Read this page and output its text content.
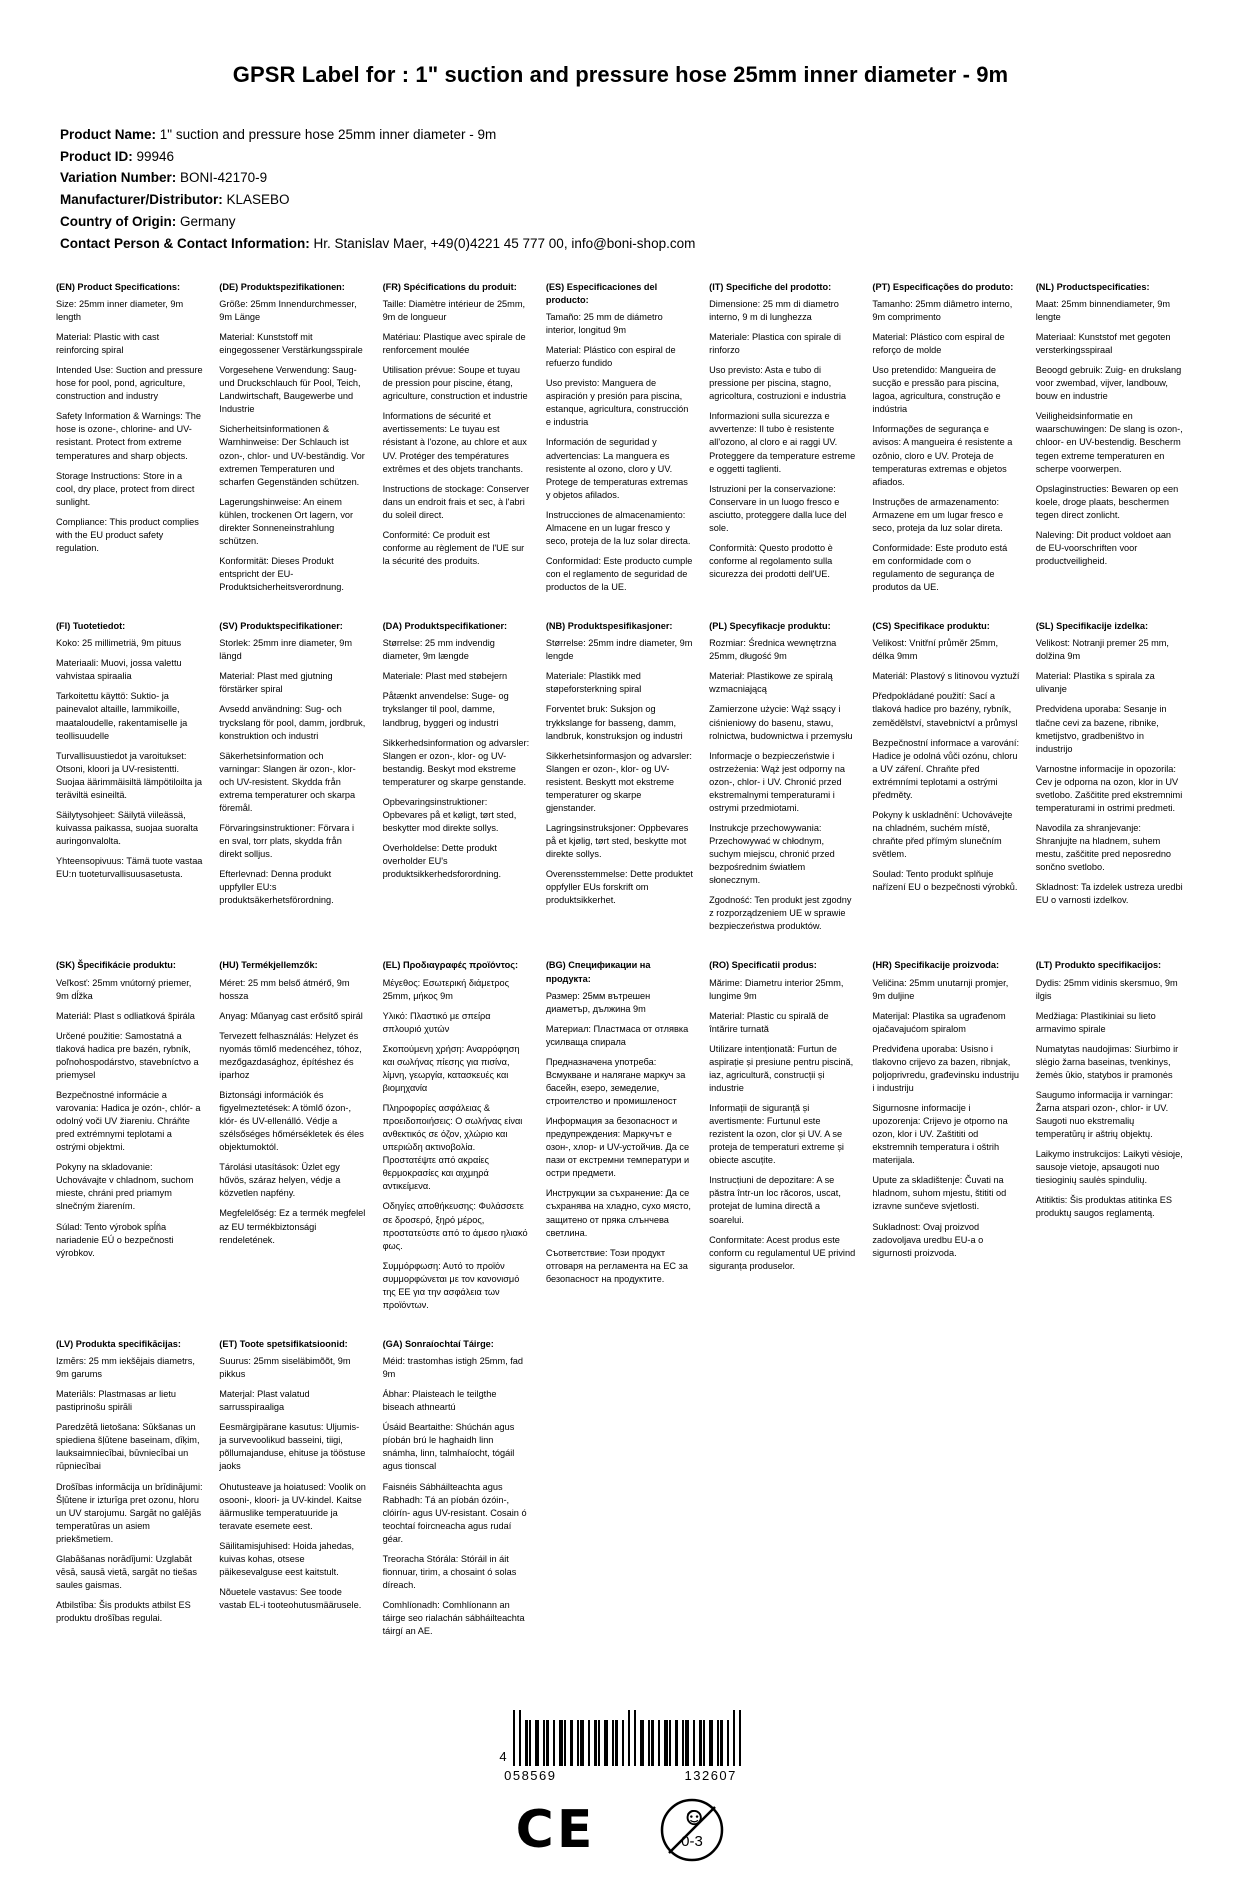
GPSR Label for : 1" suction and pressure hose 25mm inner diameter - 9m
Product Name: 1" suction and pressure hose 25mm inner diameter - 9m
Product ID: 99946
Variation Number: BONI-42170-9
Manufacturer/Distributor: KLASEBO
Country of Origin: Germany
Contact Person & Contact Information: Hr. Stanislav Maer, +49(0)4221 45 777 00, info@boni-shop.com
(EN) Product Specifications:

Size: 25mm inner diameter, 9m length

Material: Plastic with cast reinforcing spiral

Intended Use: Suction and pressure hose for pool, pond, agriculture, construction and industry

Safety Information & Warnings: The hose is ozone-, chlorine- and UV-resistant. Protect from extreme temperatures and sharp objects.

Storage Instructions: Store in a cool, dry place, protect from direct sunlight.

Compliance: This product complies with the EU product safety regulation.

(DE) Produktspezifikationen:

Größe: 25mm Innendurchmesser, 9m Länge

Material: Kunststoff mit eingegossener Verstärkungsspirale

Vorgesehene Verwendung: Saug- und Druckschlauch für Pool, Teich, Landwirtschaft, Baugewerbe und Industrie

Sicherheitsinformationen & Warnhinweise: Der Schlauch ist ozon-, chlor- und UV-beständig. Vor extremen Temperaturen und scharfen Gegenständen schützen.

Lagerungshinweise: An einem kühlen, trockenen Ort lagern, vor direkter Sonneneinstrahlung schützen.

Konformität: Dieses Produkt entspricht der EU-Produktsicherheitsverordnung.

(FR) Spécifications du produit:

Taille: Diamètre intérieur de 25mm, 9m de longueur

Matériau: Plastique avec spirale de renforcement moulée

Utilisation prévue: Soupe et tuyau de pression pour piscine, étang, agriculture, construction et industrie

Informations de sécurité et avertissements: Le tuyau est résistant à l'ozone, au chlore et aux UV. Protéger des températures extrêmes et des objets tranchants.

Instructions de stockage: Conserver dans un endroit frais et sec, à l'abri du soleil direct.

Conformité: Ce produit est conforme au règlement de l'UE sur la sécurité des produits.

(ES) Especificaciones del producto:

Tamaño: 25 mm de diámetro interior, longitud 9m

Material: Plástico con espiral de refuerzo fundido

Uso previsto: Manguera de aspiración y presión para piscina, estanque, agricultura, construcción e industria

Información de seguridad y advertencias: La manguera es resistente al ozono, cloro y UV. Protege de temperaturas extremas y objetos afilados.

Instrucciones de almacenamiento: Almacene en un lugar fresco y seco, proteja de la luz solar directa.

Conformidad: Este producto cumple con el reglamento de seguridad de productos de la UE.

(IT) Specifiche del prodotto:

Dimensione: 25 mm di diametro interno, 9 m di lunghezza

Materiale: Plastica con spirale di rinforzo

Uso previsto: Asta e tubo di pressione per piscina, stagno, agricoltura, costruzioni e industria

Informazioni sulla sicurezza e avvertenze: Il tubo è resistente all'ozono, al cloro e ai raggi UV. Proteggere da temperature estreme e oggetti taglienti.

Istruzioni per la conservazione: Conservare in un luogo fresco e asciutto, proteggere dalla luce del sole.

Conformità: Questo prodotto è conforme al regolamento sulla sicurezza dei prodotti dell'UE.

(PT) Especificações do produto:

Tamanho: 25mm diâmetro interno, 9m comprimento

Material: Plástico com espiral de reforço de molde

Uso pretendido: Mangueira de sucção e pressão para piscina, lagoa, agricultura, construção e indústria

Informações de segurança e avisos: A mangueira é resistente a ozônio, cloro e UV. Proteja de temperaturas extremas e objetos afiados.

Instruções de armazenamento: Armazene em um lugar fresco e seco, proteja da luz solar direta.

Conformidade: Este produto está em conformidade com o regulamento de segurança de produtos da UE.

(NL) Productspecificaties:

Maat: 25mm binnendiameter, 9m lengte

Materiaal: Kunststof met gegoten versterkingsspiraal

Beoogd gebruik: Zuig- en drukslang voor zwembad, vijver, landbouw, bouw en industrie

Veiligheidsinformatie en waarschuwingen: De slang is ozon-, chloor- en UV-bestendig. Bescherm tegen extreme temperaturen en scherpe voorwerpen.

Opslaginstructies: Bewaren op een koele, droge plaats, beschermen tegen direct zonlicht.

Naleving: Dit product voldoet aan de EU-voorschriften voor productveiligheid.

(FI) Tuotetiedot:

Koko: 25 millimetriä, 9m pituus

Materiaali: Muovi, jossa valettu vahvistaa spiraalia

Tarkoitettu käyttö: Suktio- ja painevalot altaille, lammikoille, maataloudelle, rakentamiselle ja teollisuudelle

Turvallisuustiedot ja varoitukset: Otsoni, kloori ja UV-resistentti. Suojaa äärimmäisiltä lämpötiloilta ja teräviltä esineiltä.

Säilytysohjeet: Säilytä viileässä, kuivassa paikassa, suojaa suoralta auringonvalolta.

Yhteensopivuus: Tämä tuote vastaa EU:n tuoteturvallisuusasetusta.

(SV) Produktspecifikationer:

Storlek: 25mm inre diameter, 9m längd

Material: Plast med gjutning förstärker spiral

Avsedd användning: Sug- och tryckslang för pool, damm, jordbruk, konstruktion och industri

Säkerhetsinformation och varningar: Slangen är ozon-, klor- och UV-resistent. Skydda från extrema temperaturer och skarpa föremål.

Förvaringsinstruktioner: Förvara i en sval, torr plats, skydda från direkt solljus.

Efterlevnad: Denna produkt uppfyller EU:s produktsäkerhetsförordning.

(DA) Produktspecifikationer:

Størrelse: 25 mm indvendig diameter, 9m længde

Materiale: Plast med støbejern

Påtænkt anvendelse: Suge- og trykslanger til pool, damme, landbrug, byggeri og industri

Sikkerhedsinformation og advarsler: Slangen er ozon-, klor- og UV-bestandig. Beskyt mod ekstreme temperaturer og skarpe genstande.

Opbevaringsinstruktioner: Opbevares på et køligt, tørt sted, beskytter mod direkte sollys.

Overholdelse: Dette produkt overholder EU's produktsikkerhedsforordning.

(NB) Produktspesifikasjoner:

Størrelse: 25mm indre diameter, 9m lengde

Materiale: Plastikk med støpeforsterkning spiral

Forventet bruk: Suksjon og trykkslange for basseng, damm, landbruk, konstruksjon og industri

Sikkerhetsinformasjon og advarsler: Slangen er ozon-, klor- og UV-resistent. Beskytt mot ekstreme temperaturer og skarpe gjenstander.

Lagringsinstruksjoner: Oppbevares på et kjølig, tørt sted, beskytte mot direkte sollys.

Overensstemmelse: Dette produktet oppfyller EUs forskrift om produktsikkerhet.

(PL) Specyfikacje produktu:

Rozmiar: Średnica wewnętrzna 25mm, długość 9m

Materiał: Plastikowe ze spiralą wzmacniającą

Zamierzone użycie: Wąż ssący i ciśnieniowy do basenu, stawu, rolnictwa, budownictwa i przemysłu

Informacje o bezpieczeństwie i ostrzeżenia: Wąż jest odporny na ozon-, chlor- i UV. Chronić przed ekstremalnymi temperaturami i ostrymi przedmiotami.

Instrukcje przechowywania: Przechowywać w chłodnym, suchym miejscu, chronić przed bezpośrednim światłem słonecznym.

Zgodność: Ten produkt jest zgodny z rozporządzeniem UE w sprawie bezpieczeństwa produktów.

(CS) Specifikace produktu:

Velikost: Vnitřní průměr 25mm, délka 9mm

Materiál: Plastový s litinovou vyztuží

Předpokládané použití: Sací a tlaková hadice pro bazény, rybník, zemědělství, stavebnictví a průmysl

Bezpečnostní informace a varování: Hadice je odolná vůči ozónu, chloru a UV záření. Chraňte před extrémními teplotami a ostrými předměty.

Pokyny k uskladnění: Uchovávejte na chladném, suchém místě, chraňte před přímým slunečním světlem.

Soulad: Tento produkt splňuje nařízení EU o bezpečnosti výrobků.

(SL) Specifikacije izdelka:

Velikost: Notranji premer 25 mm, dolžina 9m

Material: Plastika s spirala za ulivanje

Predvidena uporaba: Sesanje in tlačne cevi za bazene, ribnike, kmetijstvo, gradbeništvo in industrijo

Varnostne informacije in opozorila: Cev je odporna na ozon, klor in UV svetlobo. Zaščitite pred ekstremnimi temperaturami in ostrimi predmeti.

Navodila za shranjevanje: Shranjujte na hladnem, suhem mestu, zaščitite pred neposredno sončno svetlobo.

Skladnost: Ta izdelek ustreza uredbi EU o varnosti izdelkov.

(SK) Špecifikácie produktu:

Veľkosť: 25mm vnútorný priemer, 9m dĺžka

Materiál: Plast s odliatková špirála

Určené použitie: Samostatná a tlaková hadica pre bazén, rybník, poľnohospodárstvo, stavebníctvo a priemysel

Bezpečnostné informácie a varovania: Hadica je ozón-, chlór- a odolný voči UV žiareniu. Chráňte pred extrémnymi teplotami a ostrými objektmi.

Pokyny na skladovanie: Uchovávajte v chladnom, suchom mieste, chráni pred priamym slnečným žiarením.

Súlad: Tento výrobok spĺňa nariadenie EÚ o bezpečnosti výrobkov.

(HU) Termékjellemzők:

Méret: 25 mm belső átmérő, 9m hossza

Anyag: Műanyag cast erősítő spirál

Tervezett felhasználás: Helyzet és nyomás tömlő medencéhez, tóhoz, mezőgazdasághoz, építéshez és iparhoz

Biztonsági információk és figyelmeztetések: A tömlő ózon-, klór- és UV-ellenálló. Védje a szélsőséges hőmérsékletek és éles objektumoktól.

Tárolási utasítások: Üzlet egy hűvös, száraz helyen, védje a közvetlen napfény.

Megfelelőség: Ez a termék megfelel az EU termékbiztonsági rendeletének.

(EL) Προδιαγραφές προϊόντος:

Μέγεθος: Εσωτερική διάμετρος 25mm, μήκος 9m

Υλικό: Πλαστικό με σπείρα σπλουριό χυτών

Σκοπούμενη χρήση: Αναρρόφηση και σωλήνας πίεσης για πισίνα, λίμνη, γεωργία, κατασκευές και βιομηχανία

Πληροφορίες ασφάλειας & προειδοποιήσεις: Ο σωλήνας είναι ανθεκτικός σε όζον, χλώριο και υπεριώδη ακτινοβολία. Προστατέψτε από ακραίες θερμοκρασίες και αιχμηρά αντικείμενα.

Οδηγίες αποθήκευσης: Φυλάσσετε σε δροσερό, ξηρό μέρος, προστατεύστε από το άμεσο ηλιακό φως.

Συμμόρφωση: Αυτό το προϊόν συμμορφώνεται με τον κανονισμό της ΕΕ για την ασφάλεια των προϊόντων.

(BG) Спецификации на продукта:

Размер: 25мм вътрешен диаметър, дължина 9m

Материал: Пластмаса от отлявка усилваща спирала

Предназначена употреба: Всмукване и налягане маркуч за басейн, езеро, земеделие, строителство и промишленост

Информация за безопасност и предупреждения: Маркучът е озон-, хлор- и UV-устойчив. Да се пази от екстремни температури и остри предмети.

Инструкции за съхранение: Да се съхранява на хладно, сухо място, защитено от пряка слънчева светлина.

Съответствие: Този продукт отговаря на регламента на ЕС за безопасност на продуктите.

(RO) Specificatii produs:

Mărime: Diametru interior 25mm, lungime 9m

Material: Plastic cu spirală de întărire turnată

Utilizare intenționată: Furtun de aspirație și presiune pentru piscină, iaz, agricultură, construcții și industrie

Informații de siguranță și avertismente: Furtunul este rezistent la ozon, clor și UV. A se proteja de temperaturi extreme și obiecte ascuțite.

Instrucțiuni de depozitare: A se păstra într-un loc răcoros, uscat, protejat de lumina directă a soarelui.

Conformitate: Acest produs este conform cu regulamentul UE privind siguranța produselor.

(HR) Specifikacije proizvoda:

Veličina: 25mm unutarnji promjer, 9m duljine

Materijal: Plastika sa ugrađenom ojačavajućom spiralom

Predviđena uporaba: Usisno i tlakovno crijevo za bazen, ribnjak, poljoprivredu, građevinsku industriju i industriju

Sigurnosne informacije i upozorenja: Crijevo je otporno na ozon, klor i UV. Zaštititi od ekstremnih temperatura i oštrih materijala.

Upute za skladištenje: Čuvati na hladnom, suhom mjestu, štititi od izravne sunčeve svjetlosti.

Sukladnost: Ovaj proizvod zadovoljava uredbu EU-a o sigurnosti proizvoda.

(LT) Produkto specifikacijos:

Dydis: 25mm vidinis skersmuo, 9m ilgis

Medžiaga: Plastikiniai su lieto armavimo spirale

Numatytas naudojimas: Siurbimo ir slėgio žarna baseinas, tvenkinys, žemės ūkio, statybos ir pramonės

Saugumo informacija ir varningar: Žarna atspari ozon-, chlor- ir UV. Saugoti nuo ekstremalių temperatūrų ir aštrių objektų.

Laikymo instrukcijos: Laikyti vėsioje, sausoje vietoje, apsaugoti nuo tiesioginių saulės spindulių.

Atitiktis: Šis produktas atitinka ES produktų saugos reglamentą.

(LV) Produkta specifikācijas:

Izmērs: 25 mm iekšējais diametrs, 9m garums

Materiāls: Plastmasas ar lietu pastiprinošu spirāli

Paredzētā lietošana: Sūkšanas un spiediena šļūtene baseinam, dīķim, lauksaimniecībai, būvniecībai un rūpniecībai

Drošības informācija un brīdinājumi: Šļūtene ir izturīga pret ozonu, hloru un UV starojumu. Sargāt no galējās temperatūras un asiem priekšmetiem.

Glabāšanas norādījumi: Uzglabāt vēsā, sausā vietā, sargāt no tiešas saules gaismas.

Atbilstība: Šis produkts atbilst ES produktu drošības regulai.

(ET) Toote spetsifikatsioonid:

Suurus: 25mm siseläbimõõt, 9m pikkus

Materjal: Plast valatud sarrusspiraaliga

Eesmärgipärane kasutus: Uljumis- ja survevoolikud basseini, tiigi, põllumajanduse, ehituse ja tööstuse jaoks

Ohutusteave ja hoiatused: Voolik on osooni-, kloori- ja UV-kindel. Kaitse äärmuslike temperatuuride ja teravate esemete eest.

Säilitamisjuhised: Hoida jahedas, kuivas kohas, otsese päikesevalguse eest kaitstult.

Nõuetele vastavus: See toode vastab EL-i tooteohutusmäärusele.

(GA) Sonraíochtaí Táirge:

Méid: trastomhas istigh 25mm, fad 9m

Ábhar: Plaisteach le teilgthe biseach athneartú

Úsáid Beartaithe: Shúchán agus píobán brú le haghaidh linn snámha, linn, talmhaíocht, tógáil agus tionscal

Faisnéis Sábháilteachta agus Rabhadh: Tá an píobán ózóin-, clóirín- agus UV-resistant. Cosain ó teochtaí foircneacha agus rudaí géar.

Treoracha Stórála: Stóráil in áit fionnuar, tirim, a chosaint ó solas díreach.

Comhlíonadh: Comhlíonann an táirge seo rialachán sábháilteachta táirgí an AE.

4
058569	132607
CE	0-3
